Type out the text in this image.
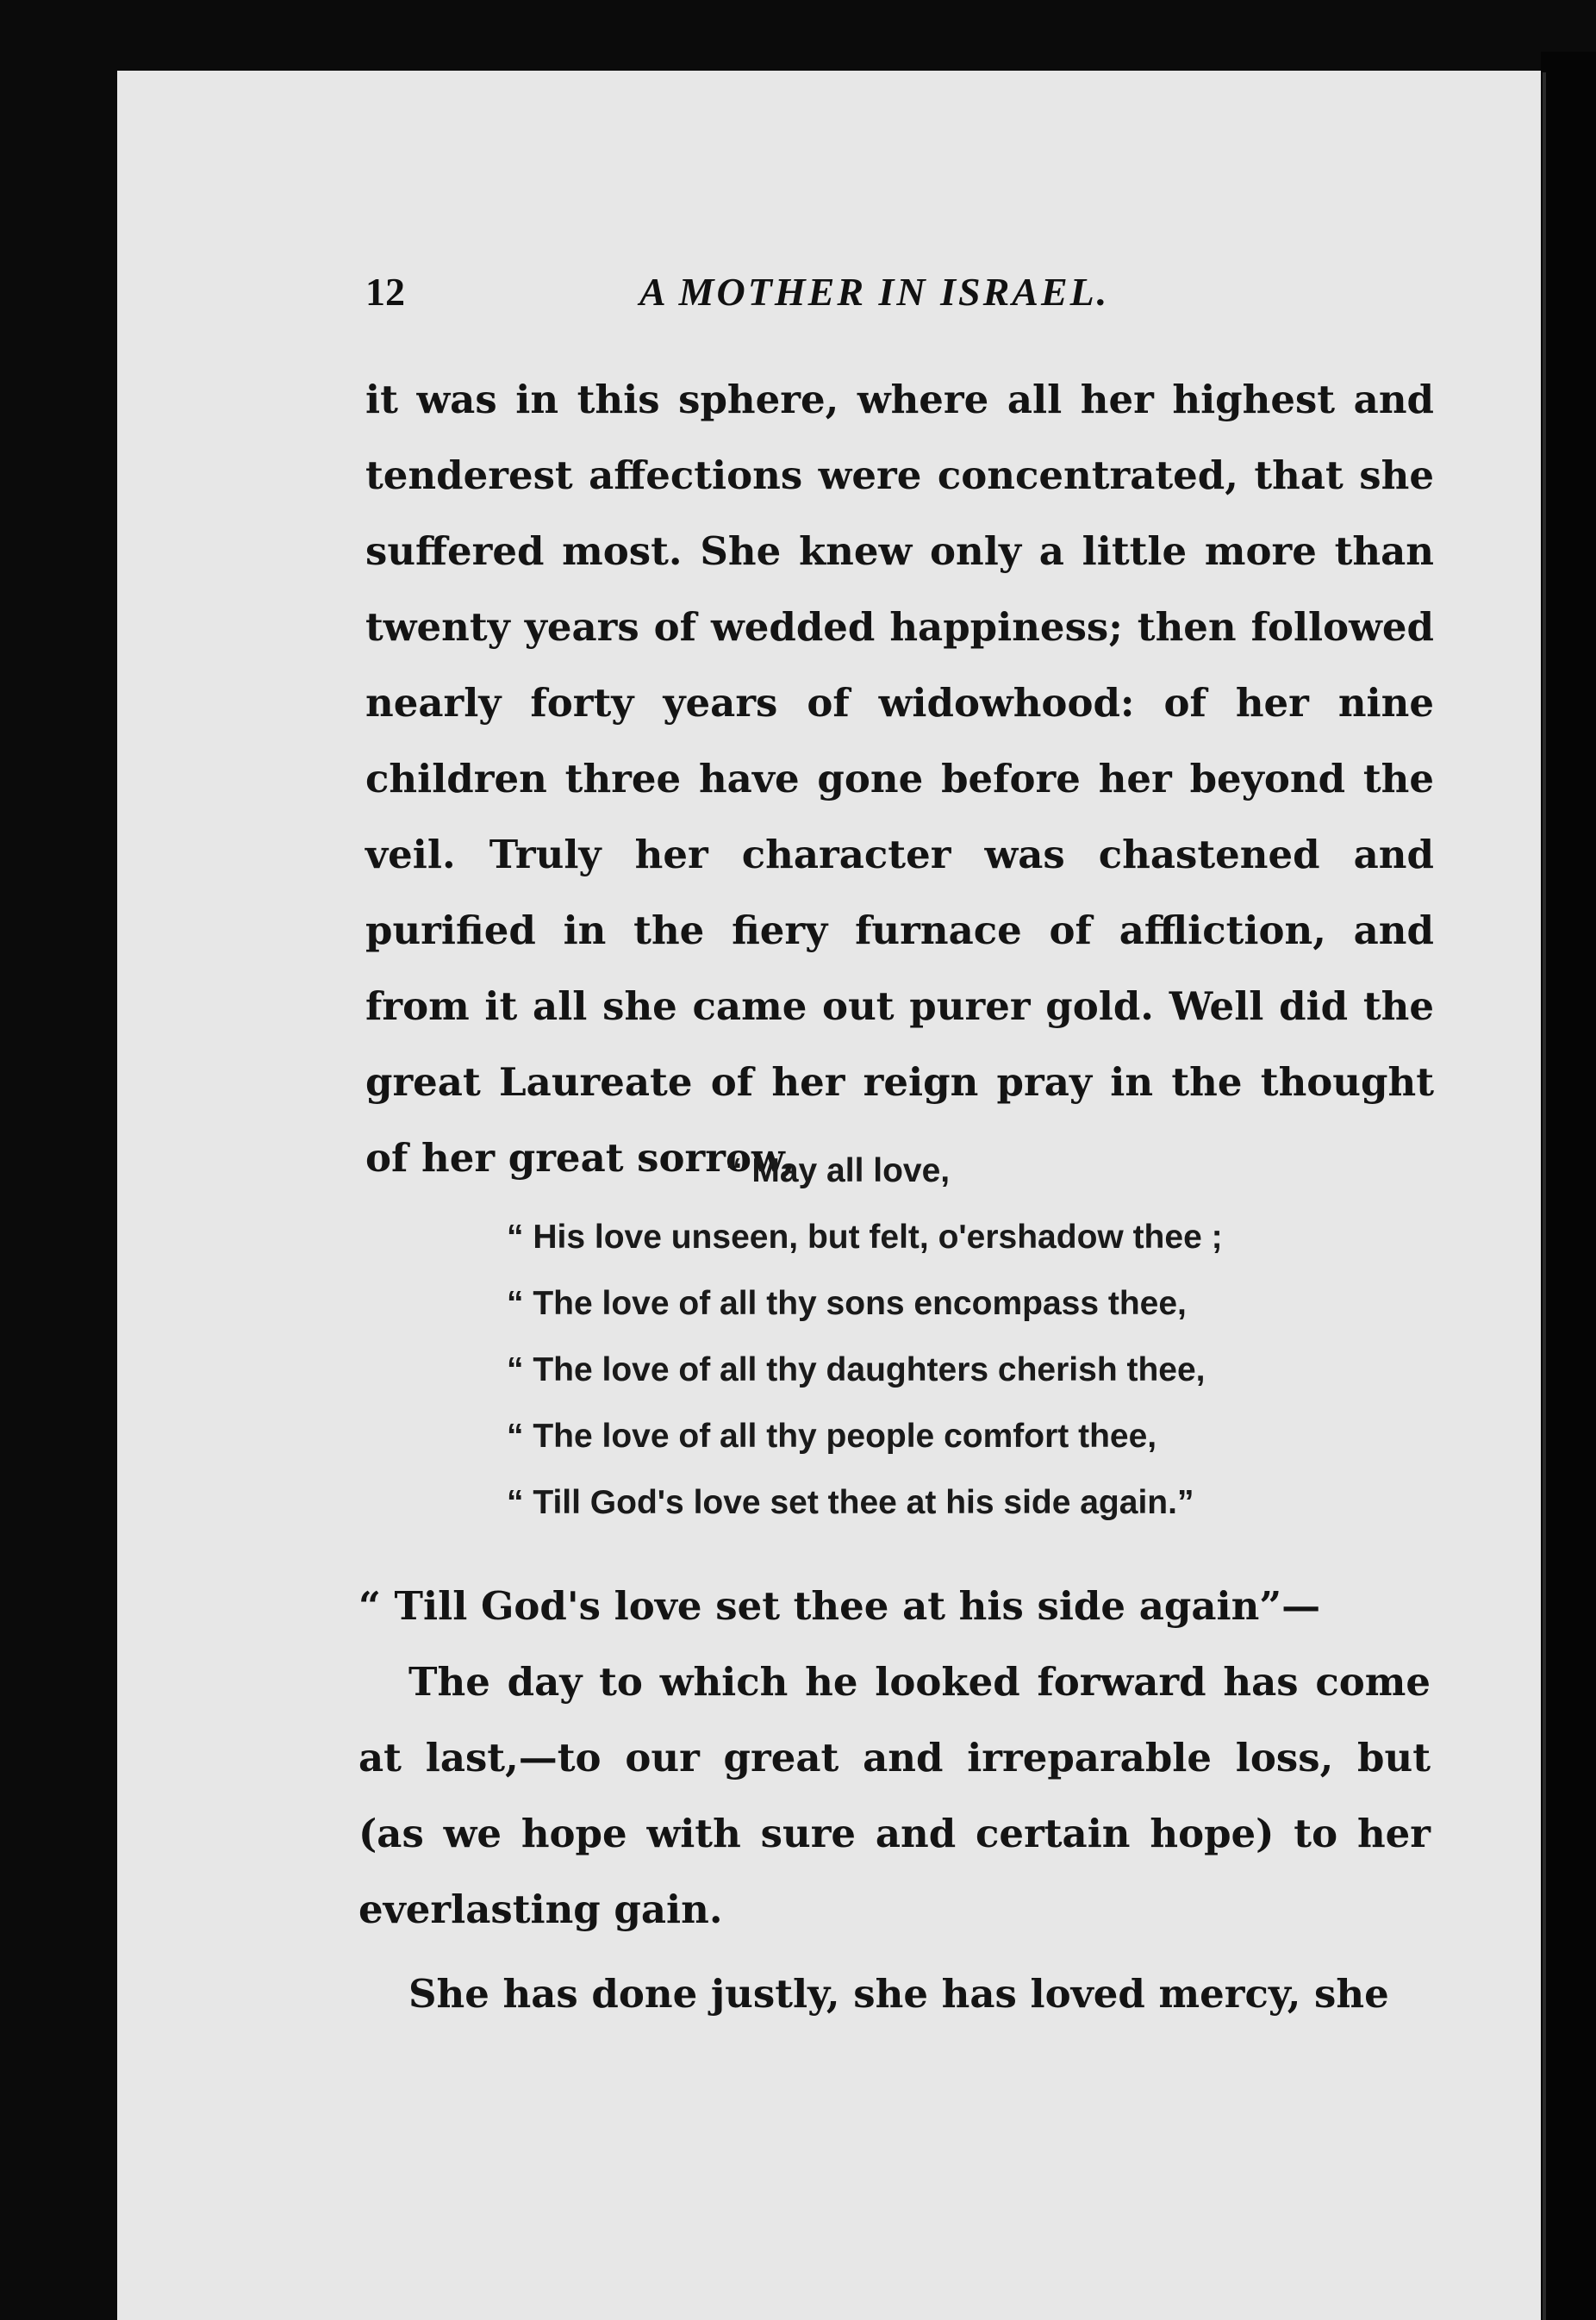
12	A MOTHER IN ISRAEL.

it was in this sphere, where all her highest and tenderest affections were concentrated, that she suffered most. She knew only a little more than twenty years of wedded happiness; then followed nearly forty years of widowhood: of her nine children three have gone before her beyond the veil. Truly her character was chastened and purified in the fiery furnace of affliction, and from it all she came out purer gold. Well did the great Laureate of her reign pray in the thought of her great sorrow,

“ May all love,
“ His love unseen, but felt, o'ershadow thee ;
“ The love of all thy sons encompass thee,
“ The love of all thy daughters cherish thee,
“ The love of all thy people comfort thee,
“ Till God's love set thee at his side again.”

“ Till God's love set thee at his side again”—

The day to which he looked forward has come at last,—to our great and irreparable loss, but (as we hope with sure and certain hope) to her everlasting gain.

She has done justly, she has loved mercy, she
